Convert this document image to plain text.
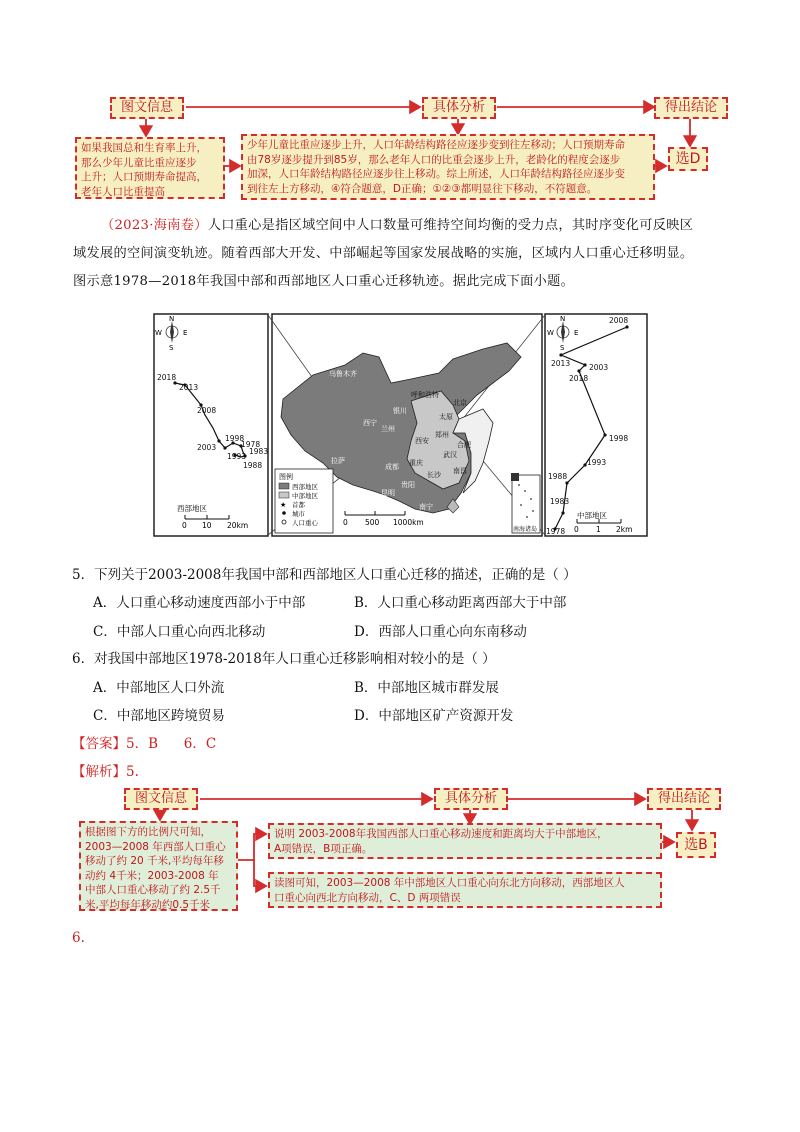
图文信息	具体分析	得出结论
如果我国总和生育率上升，
那么少年儿童比重应逐步
上升；人口预期寿命提高，
老年人口比重提高
少年儿童比重应逐步上升，人口年龄结构路径应逐步变到往左移动；人口预期寿命
由78岁逐步提升到85岁，那么老年人口的比重会逐步上升，老龄化的程度会逐步
加深，人口年龄结构路径应逐步往上移动。综上所述，人口年龄结构路径应逐步变
到往左上方移动，④符合题意，D正确；①②③都明显往下移动，不符题意。
选D
（2023·海南卷）人口重心是指区域空间中人口数量可维持空间均衡的受力点，其时序变化可反映区
域发展的空间演变轨迹。随着西部大开发、中部崛起等国家发展战略的实施，区域内人口重心迁移明显。
图示意1978—2018年我国中部和西部地区人口重心迁移轨迹。据此完成下面小题。
N
S
W	E
2018
2013
2008
2003
1998
1978
1993
1983
1988
西部地区
0 10 20km	南海诸岛
乌鲁木齐
呼和浩特
北京
银川
西宁
太原
兰州
郑州
西安	合肥
成都 重庆
武汉
南昌
长沙
贵阳
拉萨
南宁
昆明
图例
西部地区
中部地区
★ 首都
城市
人口重心	0 500 1000km
N
S
W	E
2008
2013	2003
2018
1998
1993
1988
1983
1978
中部地区
0 1 2km
5．下列关于2003-2008年我国中部和西部地区人口重心迁移的描述，正确的是（ ）
A．人口重心移动速度西部小于中部	B．人口重心移动距离西部大于中部
C．中部人口重心向西北移动	D．西部人口重心向东南移动
6．对我国中部地区1978-2018年人口重心迁移影响相对较小的是（ ）
A．中部地区人口外流	B．中部地区城市群发展
C．中部地区跨境贸易	D．中部地区矿产资源开发
【答案】5．B      6．C
【解析】5.
图文信息	具体分析	得出结论
根据图下方的比例尺可知，
2003—2008 年西部人口重心
移动了约 20 千米,平均每年移
动约 4千米；2003-2008 年
中部人口重心移动了约 2.5千
米,平均每年移动约0.5千米
说明 2003-2008年我国西部人口重心移动速度和距离均大于中部地区，
A项错误，B项正确。
读图可知，2003—2008 年中部地区人口重心向东北方向移动，西部地区人
口重心向西北方向移动，C、D 两项错误
选B
6.
